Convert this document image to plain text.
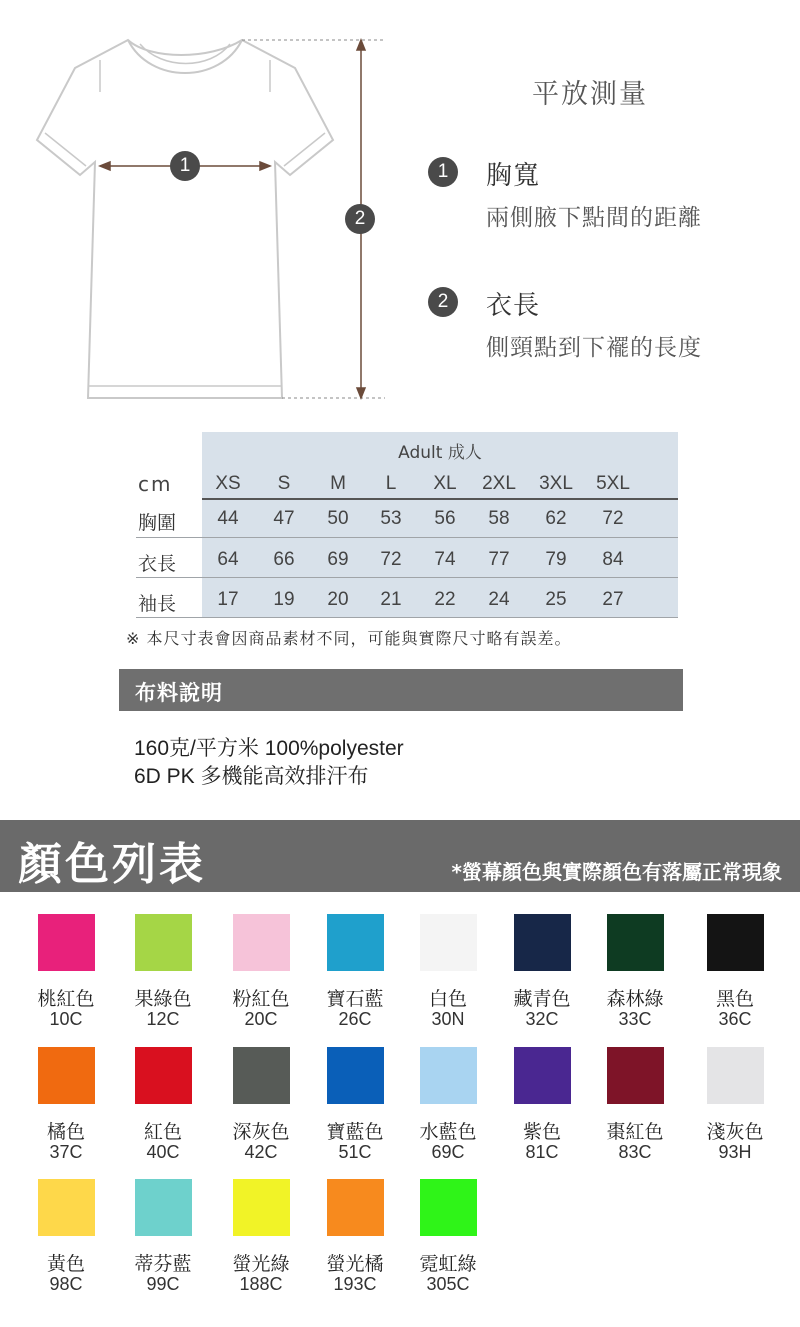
1
2
平放測量
1	胸寬
兩側腋下點間的距離
2	衣長
側頸點到下襬的長度
Adult 成人
cm	XS	S	M	L	XL	2XL	3XL	5XL
胸圍	44	47	50	53	56	58	62	72
衣長	64	66	69	72	74	77	79	84
袖長	17	19	20	21	22	24	25	27
※ 本尺寸表會因商品素材不同，可能與實際尺寸略有誤差。
布料說明
160克/平方米 100%polyester
6D PK 多機能高效排汗布
顏色列表	*螢幕顏色與實際顏色有落屬正常現象
桃紅色
10C
果綠色
12C
粉紅色
20C
寶石藍
26C
白色
30N
藏青色
32C
森林綠
33C
黑色
36C
橘色
37C
紅色
40C
深灰色
42C
寶藍色
51C
水藍色
69C
紫色
81C
棗紅色
83C
淺灰色
93H
黃色
98C
蒂芬藍
99C
螢光綠
188C
螢光橘
193C
霓虹綠
305C
